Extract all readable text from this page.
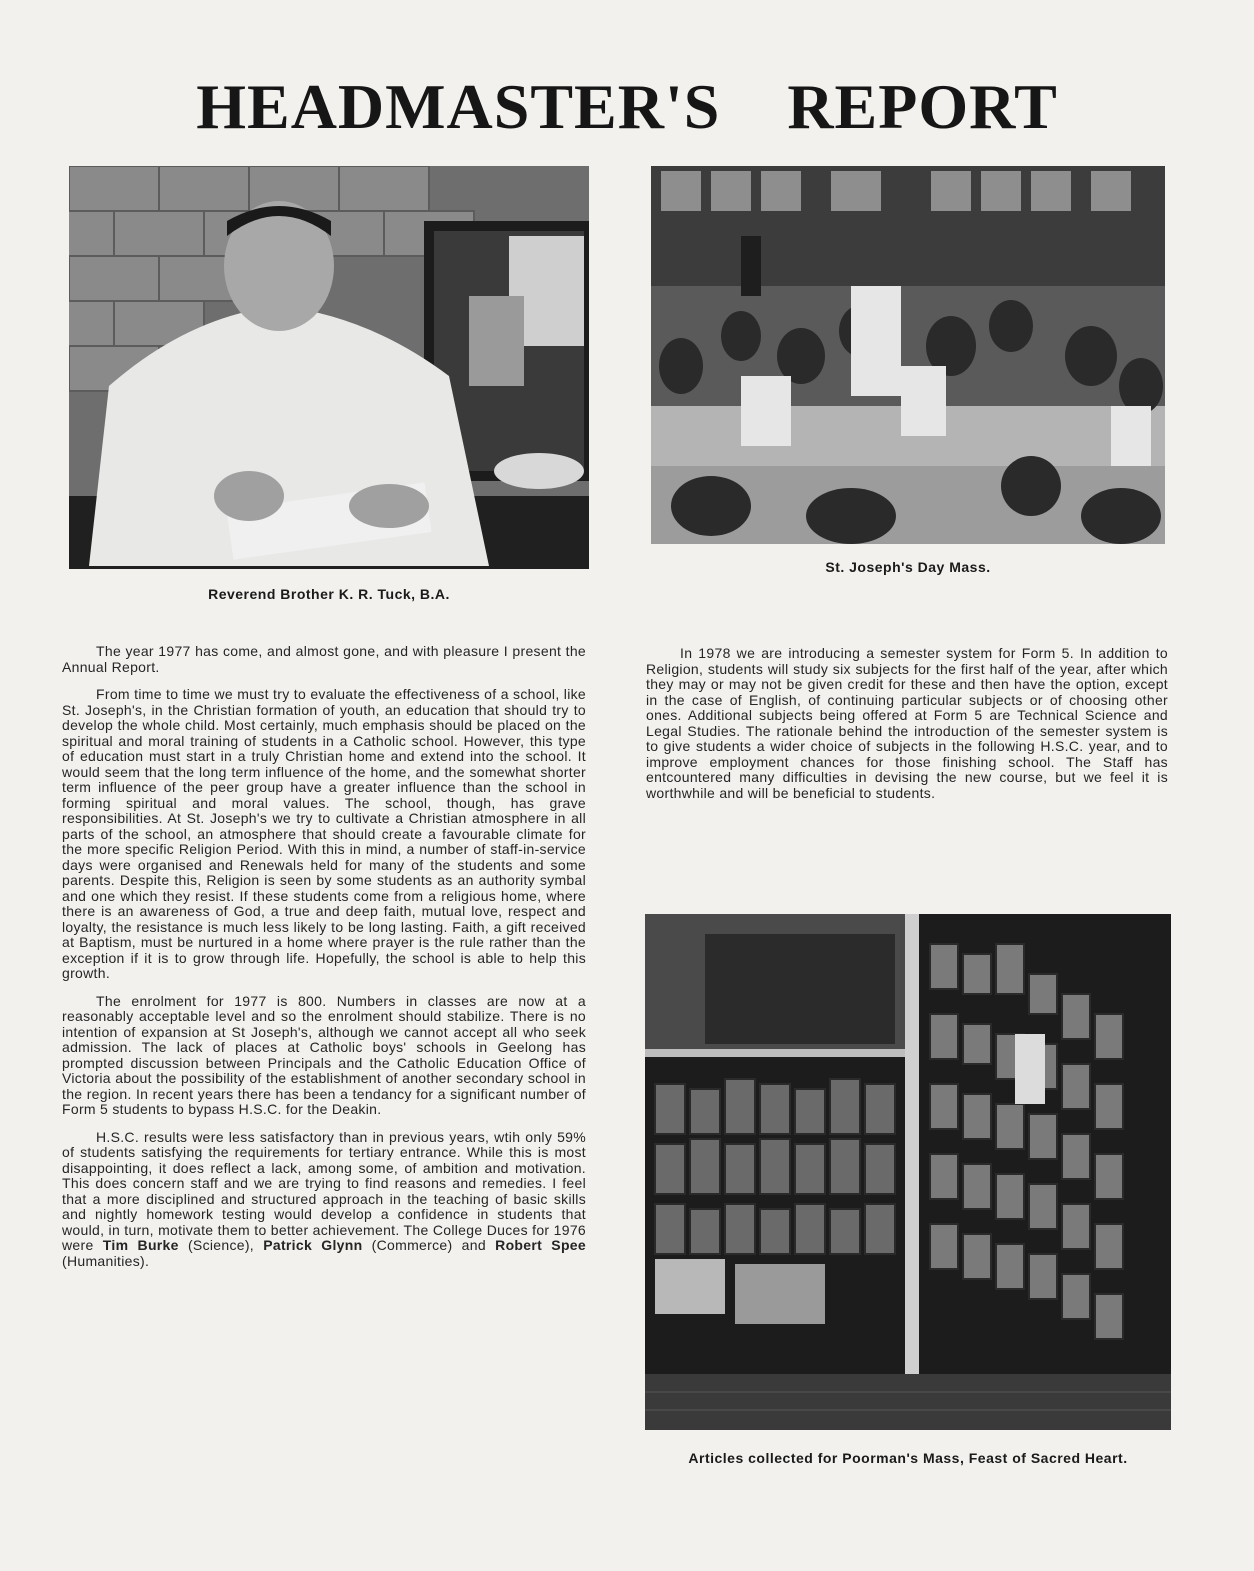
HEADMASTER'S REPORT
Reverend Brother K. R. Tuck, B.A.
St. Joseph's Day Mass.

The year 1977 has come, and almost gone, and with pleasure I present the Annual Report.

From time to time we must try to evaluate the effectiveness of a school, like St. Joseph's, in the Christian formation of youth, an education that should try to develop the whole child. Most certainly, much emphasis should be placed on the spiritual and moral training of students in a Catholic school. However, this type of education must start in a truly Christian home and extend into the school. It would seem that the long term influence of the home, and the somewhat shorter term influence of the peer group have a greater influence than the school in forming spiritual and moral values. The school, though, has grave responsibilities. At St. Joseph's we try to cultivate a Christian atmosphere in all parts of the school, an atmosphere that should create a favourable climate for the more specific Religion Period. With this in mind, a number of staff-in-service days were organised and Renewals held for many of the students and some parents. Despite this, Religion is seen by some students as an authority symbal and one which they resist. If these students come from a religious home, where there is an awareness of God, a true and deep faith, mutual love, respect and loyalty, the resistance is much less likely to be long lasting. Faith, a gift received at Baptism, must be nurtured in a home where prayer is the rule rather than the exception if it is to grow through life. Hopefully, the school is able to help this growth.

The enrolment for 1977 is 800. Numbers in classes are now at a reasonably acceptable level and so the enrolment should stabilize. There is no intention of expansion at St Joseph's, although we cannot accept all who seek admission. The lack of places at Catholic boys' schools in Geelong has prompted discussion between Principals and the Catholic Education Office of Victoria about the possibility of the establishment of another secondary school in the region. In recent years there has been a tendancy for a significant number of Form 5 students to bypass H.S.C. for the Deakin.

H.S.C. results were less satisfactory than in previous years, wtih only 59% of students satisfying the requirements for tertiary entrance. While this is most disappointing, it does reflect a lack, among some, of ambition and motivation. This does concern staff and we are trying to find reasons and remedies. I feel that a more disciplined and structured approach in the teaching of basic skills and nightly homework testing would develop a confidence in students that would, in turn, motivate them to better achievement. The College Duces for 1976 were Tim Burke (Science), Patrick Glynn (Commerce) and Robert Spee (Humanities).

In 1978 we are introducing a semester system for Form 5. In addition to Religion, students will study six subjects for the first half of the year, after which they may or may not be given credit for these and then have the option, except in the case of English, of continuing particular subjects or of choosing other ones. Additional subjects being offered at Form 5 are Technical Science and Legal Studies. The rationale behind the introduction of the semester system is to give students a wider choice of subjects in the following H.S.C. year, and to improve employment chances for those finishing school. The Staff has entcountered many difficulties in devising the new course, but we feel it is worthwhile and will be beneficial to students.

Articles collected for Poorman's Mass, Feast of Sacred Heart.
